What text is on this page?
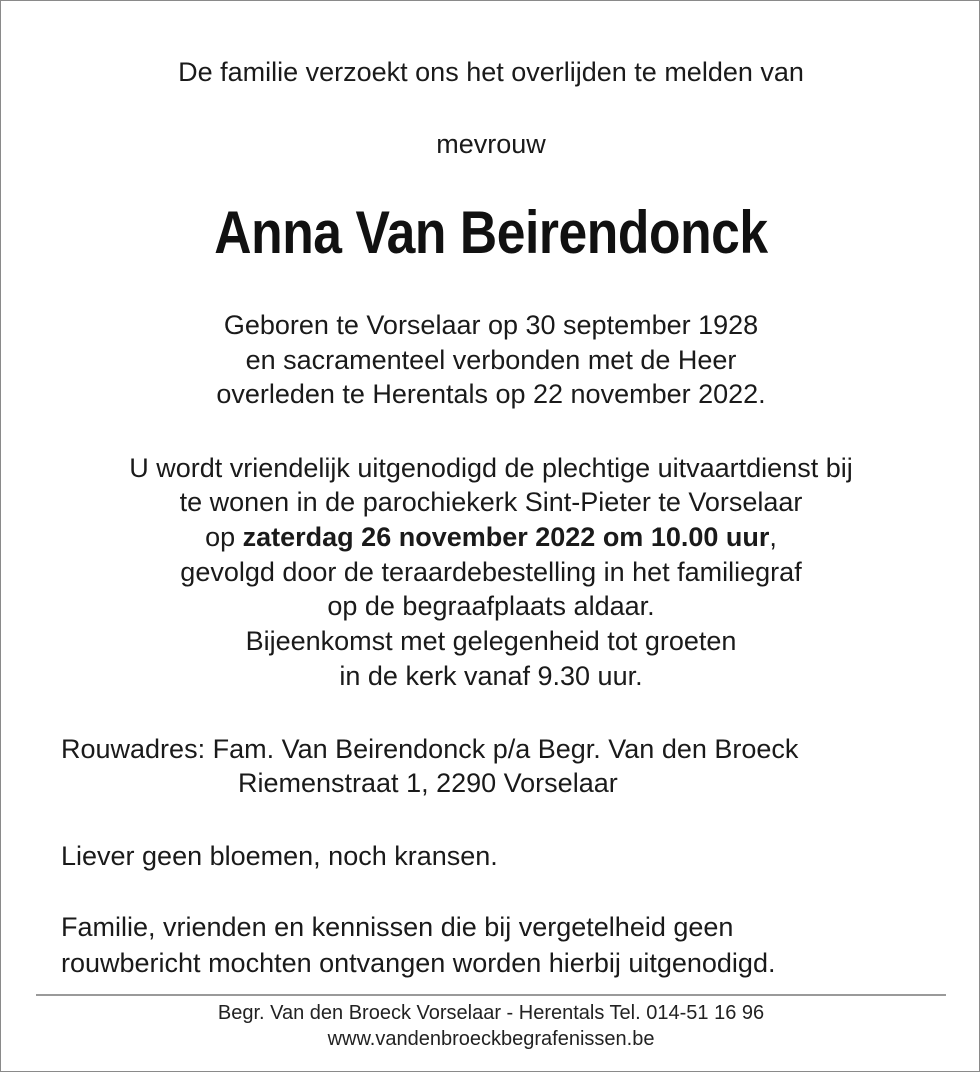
De familie verzoekt ons het overlijden te melden van
mevrouw
Anna Van Beirendonck
Geboren te Vorselaar op 30 september 1928
en sacramenteel verbonden met de Heer
overleden te Herentals op 22 november 2022.
U wordt vriendelijk uitgenodigd de plechtige uitvaartdienst bij
te wonen in de parochiekerk Sint-Pieter te Vorselaar
op zaterdag 26 november 2022 om 10.00 uur,
gevolgd door de teraardebestelling in het familiegraf
op de begraafplaats aldaar.
Bijeenkomst met gelegenheid tot groeten
in de kerk vanaf 9.30 uur.
Rouwadres: Fam. Van Beirendonck p/a Begr. Van den Broeck
Riemenstraat 1, 2290 Vorselaar
Liever geen bloemen, noch kransen.
Familie, vrienden en kennissen die bij vergetelheid geen
rouwbericht mochten ontvangen worden hierbij uitgenodigd.
Begr. Van den Broeck Vorselaar - Herentals Tel. 014-51 16 96
www.vandenbroeckbegrafenissen.be
